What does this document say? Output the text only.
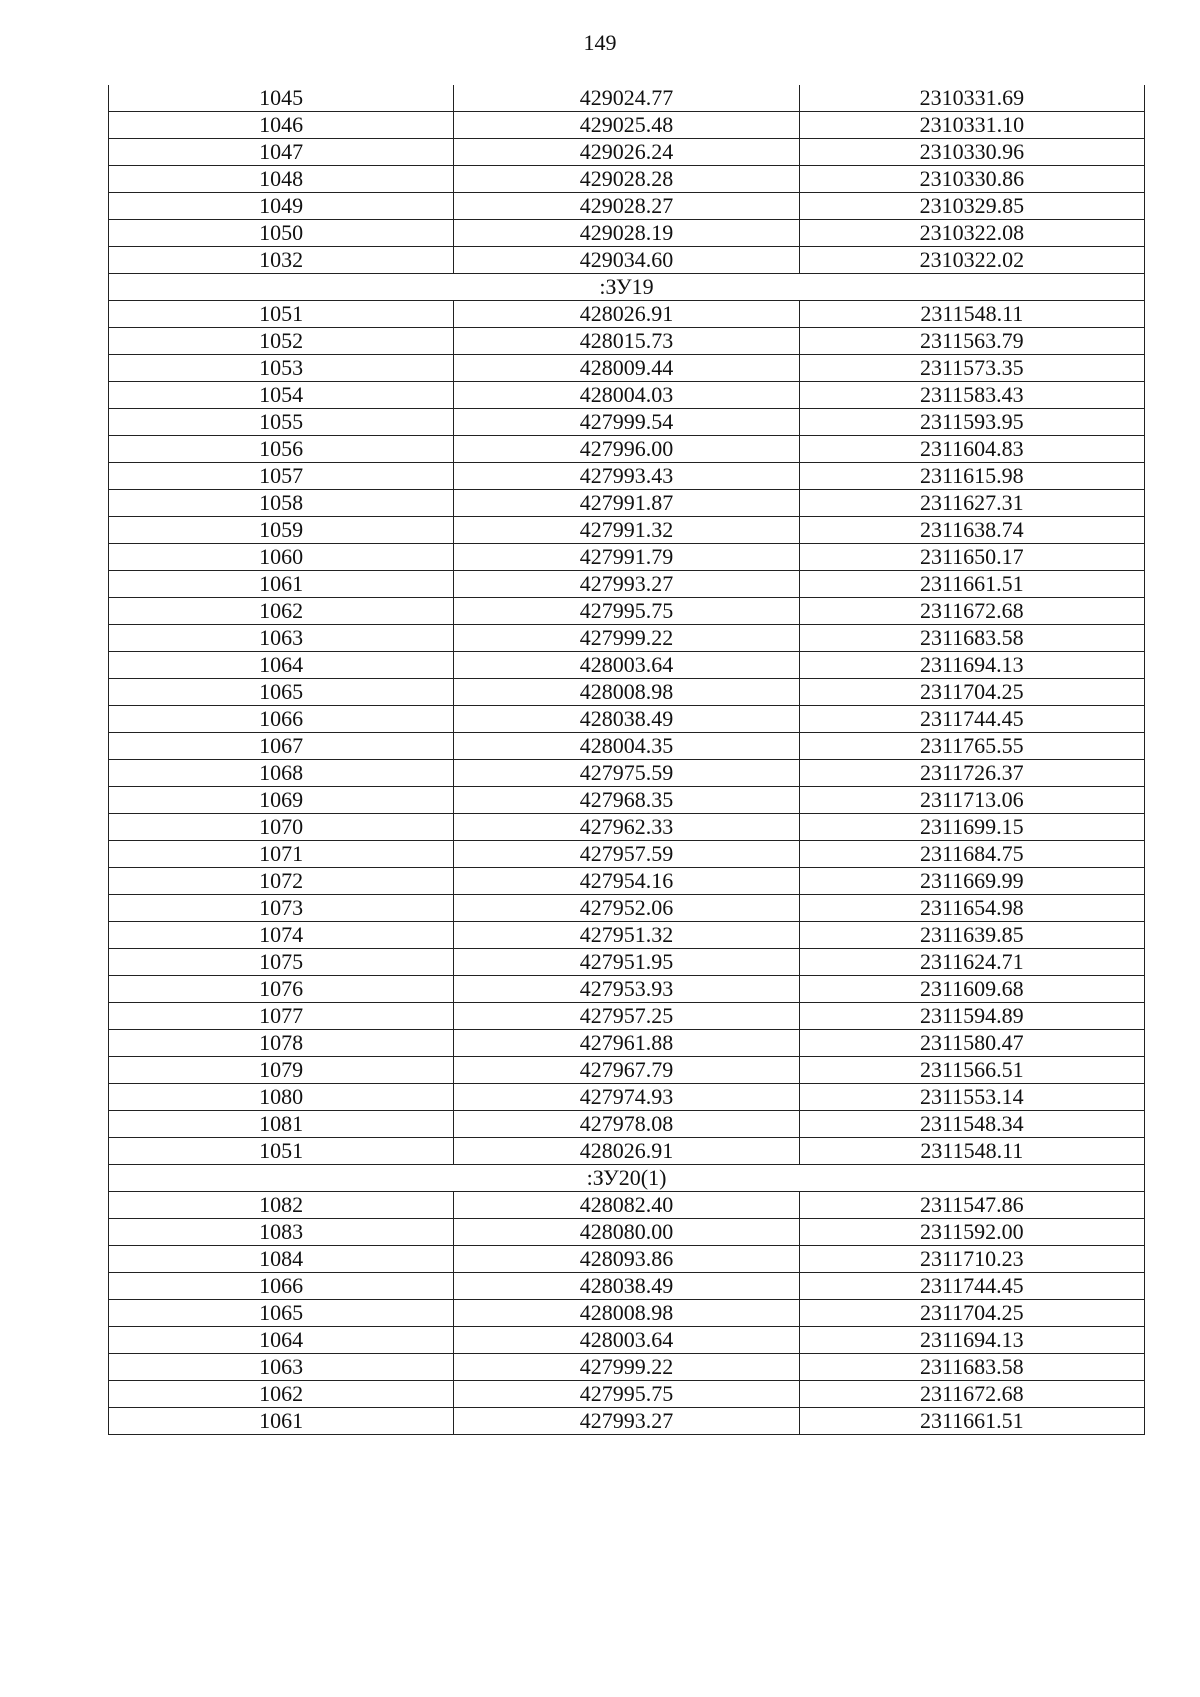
149
1045	429024.77	2310331.69
1046	429025.48	2310331.10
1047	429026.24	2310330.96
1048	429028.28	2310330.86
1049	429028.27	2310329.85
1050	429028.19	2310322.08
1032	429034.60	2310322.02
:ЗУ19		
1051	428026.91	2311548.11
1052	428015.73	2311563.79
1053	428009.44	2311573.35
1054	428004.03	2311583.43
1055	427999.54	2311593.95
1056	427996.00	2311604.83
1057	427993.43	2311615.98
1058	427991.87	2311627.31
1059	427991.32	2311638.74
1060	427991.79	2311650.17
1061	427993.27	2311661.51
1062	427995.75	2311672.68
1063	427999.22	2311683.58
1064	428003.64	2311694.13
1065	428008.98	2311704.25
1066	428038.49	2311744.45
1067	428004.35	2311765.55
1068	427975.59	2311726.37
1069	427968.35	2311713.06
1070	427962.33	2311699.15
1071	427957.59	2311684.75
1072	427954.16	2311669.99
1073	427952.06	2311654.98
1074	427951.32	2311639.85
1075	427951.95	2311624.71
1076	427953.93	2311609.68
1077	427957.25	2311594.89
1078	427961.88	2311580.47
1079	427967.79	2311566.51
1080	427974.93	2311553.14
1081	427978.08	2311548.34
1051	428026.91	2311548.11
:ЗУ20(1)		
1082	428082.40	2311547.86
1083	428080.00	2311592.00
1084	428093.86	2311710.23
1066	428038.49	2311744.45
1065	428008.98	2311704.25
1064	428003.64	2311694.13
1063	427999.22	2311683.58
1062	427995.75	2311672.68
1061	427993.27	2311661.51
